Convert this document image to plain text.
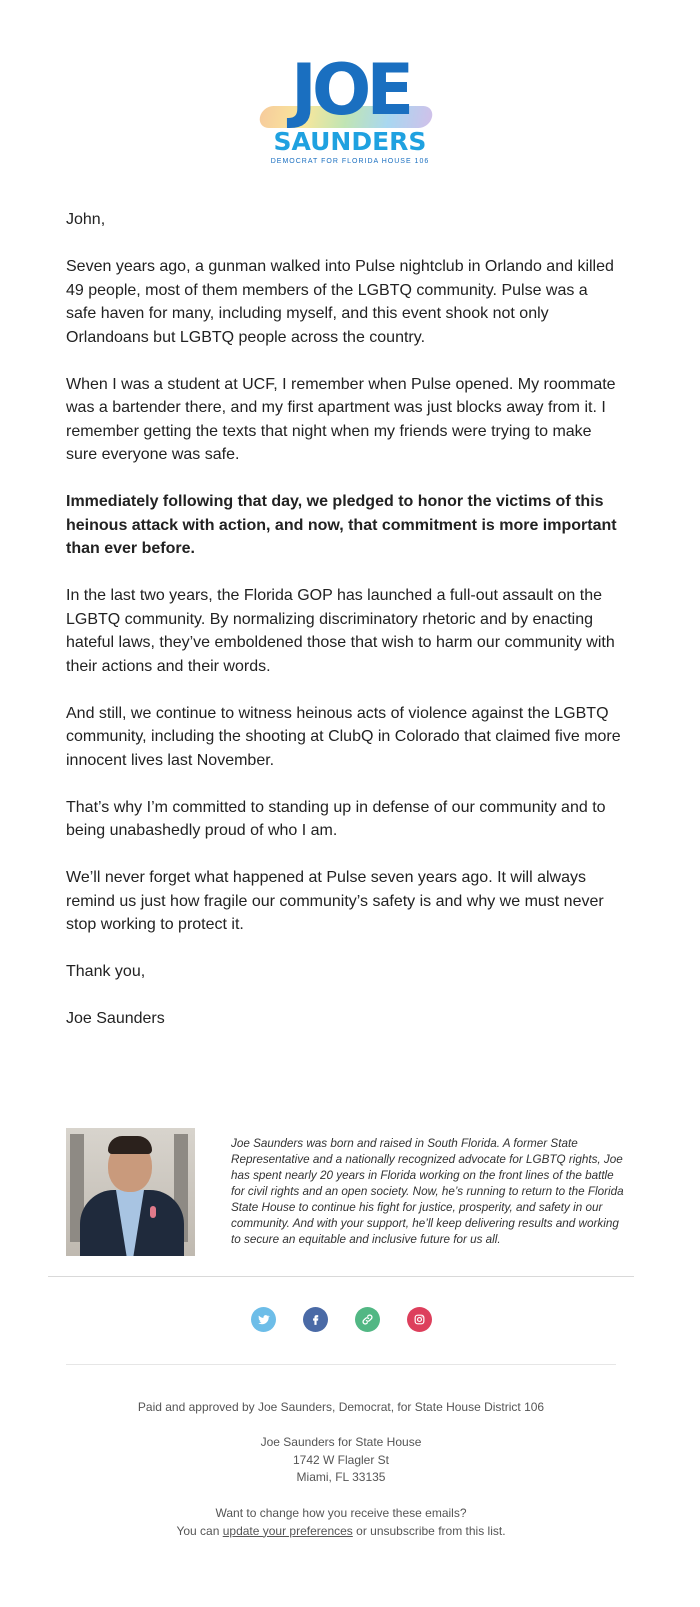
JOE
SAUNDERS
DEMOCRAT FOR FLORIDA HOUSE 106

John,

Seven years ago, a gunman walked into Pulse nightclub in Orlando and killed 49 people, most of them members of the LGBTQ community. Pulse was a safe haven for many, including myself, and this event shook not only Orlandoans but LGBTQ people across the country.

When I was a student at UCF, I remember when Pulse opened. My roommate was a bartender there, and my first apartment was just blocks away from it. I remember getting the texts that night when my friends were trying to make sure everyone was safe.

Immediately following that day, we pledged to honor the victims of this heinous attack with action, and now, that commitment is more important than ever before.

In the last two years, the Florida GOP has launched a full-out assault on the LGBTQ community. By normalizing discriminatory rhetoric and by enacting hateful laws, they’ve emboldened those that wish to harm our community with their actions and their words.

And still, we continue to witness heinous acts of violence against the LGBTQ community, including the shooting at ClubQ in Colorado that claimed five more innocent lives last November.

That’s why I’m committed to standing up in defense of our community and to being unabashedly proud of who I am.

We’ll never forget what happened at Pulse seven years ago. It will always remind us just how fragile our community’s safety is and why we must never stop working to protect it.

Thank you,

Joe Saunders

Joe Saunders was born and raised in South Florida. A former State Representative and a nationally recognized advocate for LGBTQ rights, Joe has spent nearly 20 years in Florida working on the front lines of the battle for civil rights and an open society. Now, he’s running to return to the Florida State House to continue his fight for justice, prosperity, and safety in our community. And with your support, he’ll keep delivering results and working to secure an equitable and inclusive future for us all.

Paid and approved by Joe Saunders, Democrat, for State House District 106
Joe Saunders for State House
1742 W Flagler St
Miami, FL 33135
Want to change how you receive these emails?
You can update your preferences or unsubscribe from this list.
